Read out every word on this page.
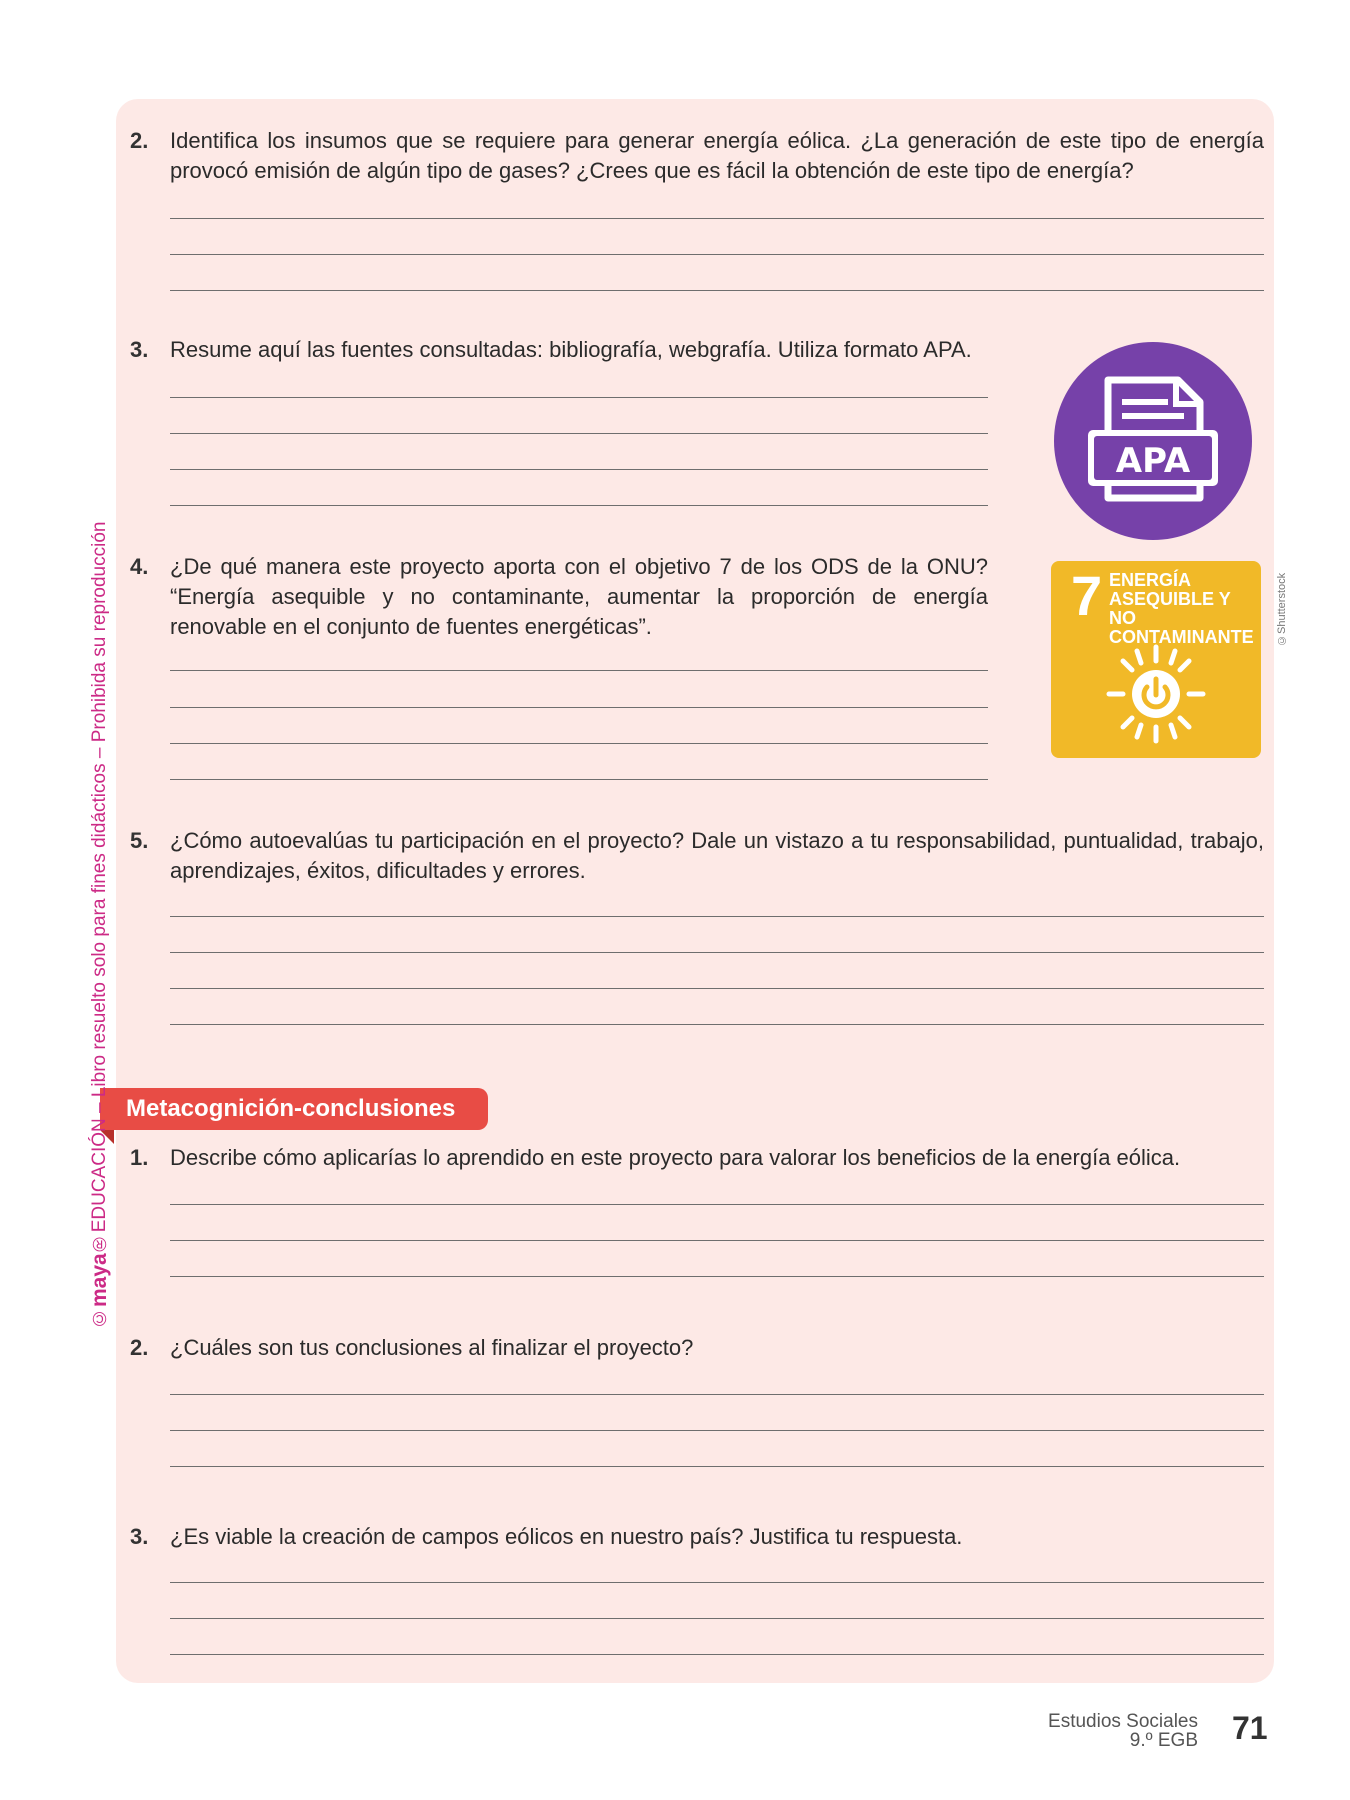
2. Identifica los insumos que se requiere para generar energía eólica. ¿La generación de este tipo de energía provocó emisión de algún tipo de gases? ¿Crees que es fácil la obtención de este tipo de energía?
3. Resume aquí las fuentes consultadas: bibliografía, webgrafía. Utiliza formato APA.
APA
4. ¿De qué manera este proyecto aporta con el objetivo 7 de los ODS de la ONU? “Energía asequible y no contaminante, aumentar la proporción de energía renovable en el conjunto de fuentes energéticas”.	7 ENERGÍA ASEQUIBLE Y NO CONTAMINANTE	©Shutterstock
5. ¿Cómo autoevalúas tu participación en el proyecto? Dale un vistazo a tu responsabilidad, puntualidad, trabajo, aprendizajes, éxitos, dificultades y errores.
Metacognición-conclusiones
1. Describe cómo aplicarías lo aprendido en este proyecto para valorar los beneficios de la energía eólica.
2. ¿Cuáles son tus conclusiones al finalizar el proyecto?
3. ¿Es viable la creación de campos eólicos en nuestro país? Justifica tu respuesta.
©maya®EDUCACIÓN – Libro resuelto solo para fines didácticos – Prohibida su reproducción
Estudios Sociales
9.º EGB 71
